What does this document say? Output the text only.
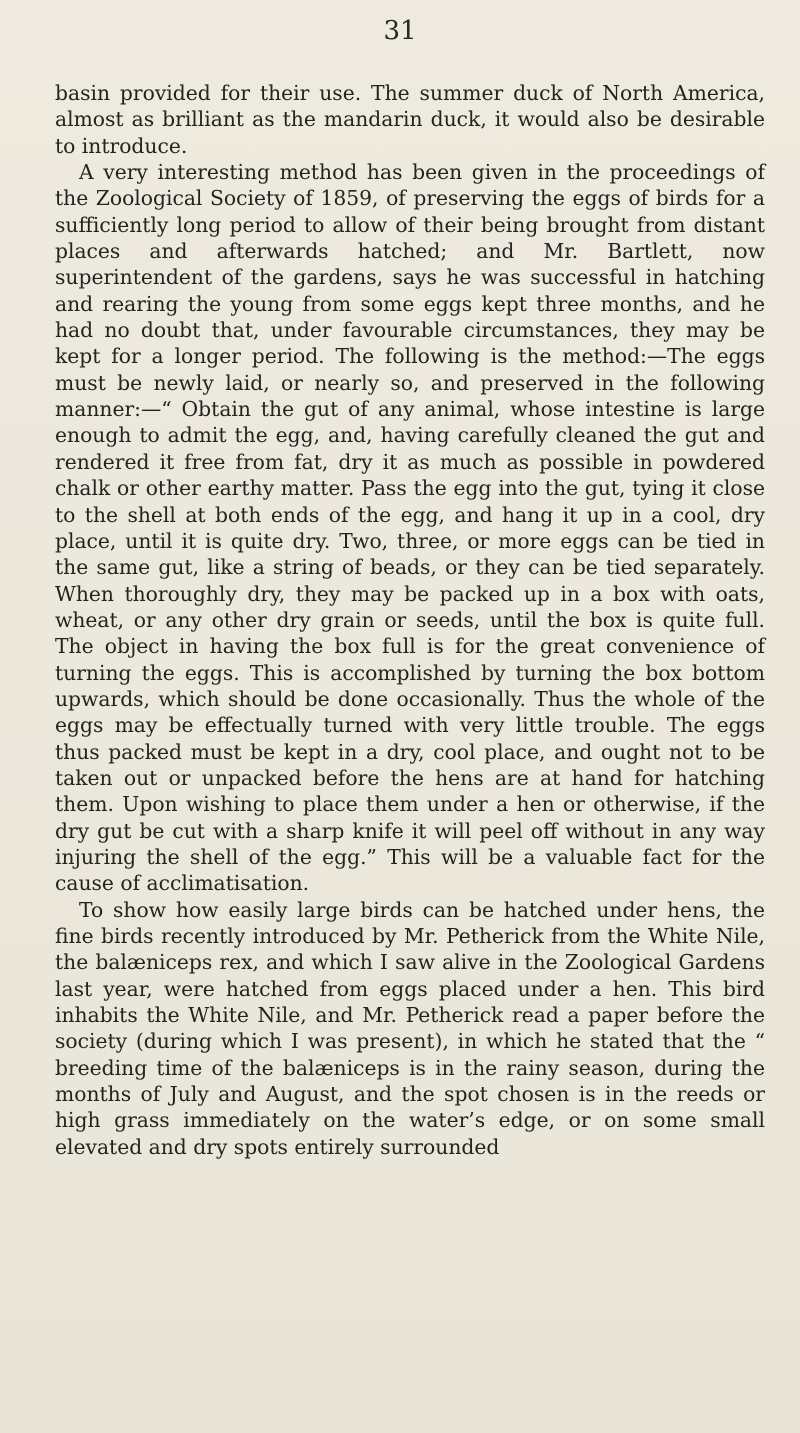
31

basin provided for their use. The summer duck of North America, almost as brilliant as the mandarin duck, it would also be desirable to introduce.

A very interesting method has been given in the proceedings of the Zoological Society of 1859, of preserving the eggs of birds for a sufficiently long period to allow of their being brought from distant places and afterwards hatched; and Mr. Bartlett, now superintendent of the gardens, says he was successful in hatching and rearing the young from some eggs kept three months, and he had no doubt that, under favourable circumstances, they may be kept for a longer period. The following is the method:—The eggs must be newly laid, or nearly so, and preserved in the following manner:—“ Obtain the gut of any animal, whose intestine is large enough to admit the egg, and, having carefully cleaned the gut and rendered it free from fat, dry it as much as possible in powdered chalk or other earthy matter. Pass the egg into the gut, tying it close to the shell at both ends of the egg, and hang it up in a cool, dry place, until it is quite dry. Two, three, or more eggs can be tied in the same gut, like a string of beads, or they can be tied separately. When thoroughly dry, they may be packed up in a box with oats, wheat, or any other dry grain or seeds, until the box is quite full. The object in having the box full is for the great convenience of turning the eggs. This is accomplished by turning the box bottom upwards, which should be done occasionally. Thus the whole of the eggs may be effectually turned with very little trouble. The eggs thus packed must be kept in a dry, cool place, and ought not to be taken out or unpacked before the hens are at hand for hatching them. Upon wishing to place them under a hen or otherwise, if the dry gut be cut with a sharp knife it will peel off without in any way injuring the shell of the egg.” This will be a valuable fact for the cause of acclimatisation.

To show how easily large birds can be hatched under hens, the fine birds recently introduced by Mr. Petherick from the White Nile, the balæniceps rex, and which I saw alive in the Zoological Gardens last year, were hatched from eggs placed under a hen. This bird inhabits the White Nile, and Mr. Petherick read a paper before the society (during which I was present), in which he stated that the “ breeding time of the balæniceps is in the rainy season, during the months of July and August, and the spot chosen is in the reeds or high grass immediately on the water’s edge, or on some small elevated and dry spots entirely surrounded
